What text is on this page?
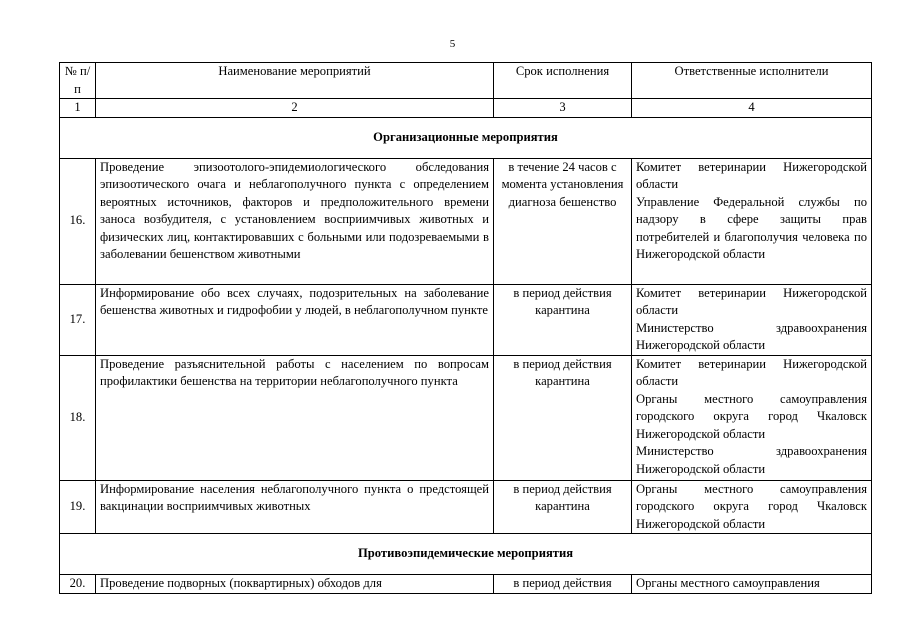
5
№ п/п	Наименование мероприятий	Срок исполнения	Ответственные исполнители
1	2	3	4
Организационные мероприятия			
16.	Проведение эпизоотолого-эпидемиологического обследования эпизоотического очага и неблагополучного пункта с определением вероятных источников, факторов и предположительного времени заноса возбудителя, с установлением восприимчивых животных и физических лиц, контактировавших с больными или подозреваемыми в заболевании бешенством животными	в течение 24 часов с момента установления диагноза бешенство	Комитет ветеринарии Нижегородской области
Управление Федеральной службы по надзору в сфере защиты прав потребителей и благополучия человека по Нижегородской области

17.	Информирование обо всех случаях, подозрительных на заболевание бешенства животных и гидрофобии у людей, в неблагополучном пункте	в период действия карантина	Комитет ветеринарии Нижегородской области
Министерство здравоохранения Нижегородской области

18.	Проведение разъяснительной работы с населением по вопросам профилактики бешенства на территории неблагополучного пункта	в период действия карантина	Комитет ветеринарии Нижегородской области
Органы местного самоуправления городского округа город Чкаловск Нижегородской области
Министерство здравоохранения Нижегородской области

19.	Информирование населения неблагополучного пункта о предстоящей вакцинации восприимчивых животных	в период действия карантина	Органы местного самоуправления городского округа город Чкаловск Нижегородской области

Противоэпидемические мероприятия			
20.	Проведение подворных (поквартирных) обходов для	в период действия	Органы местного самоуправления
